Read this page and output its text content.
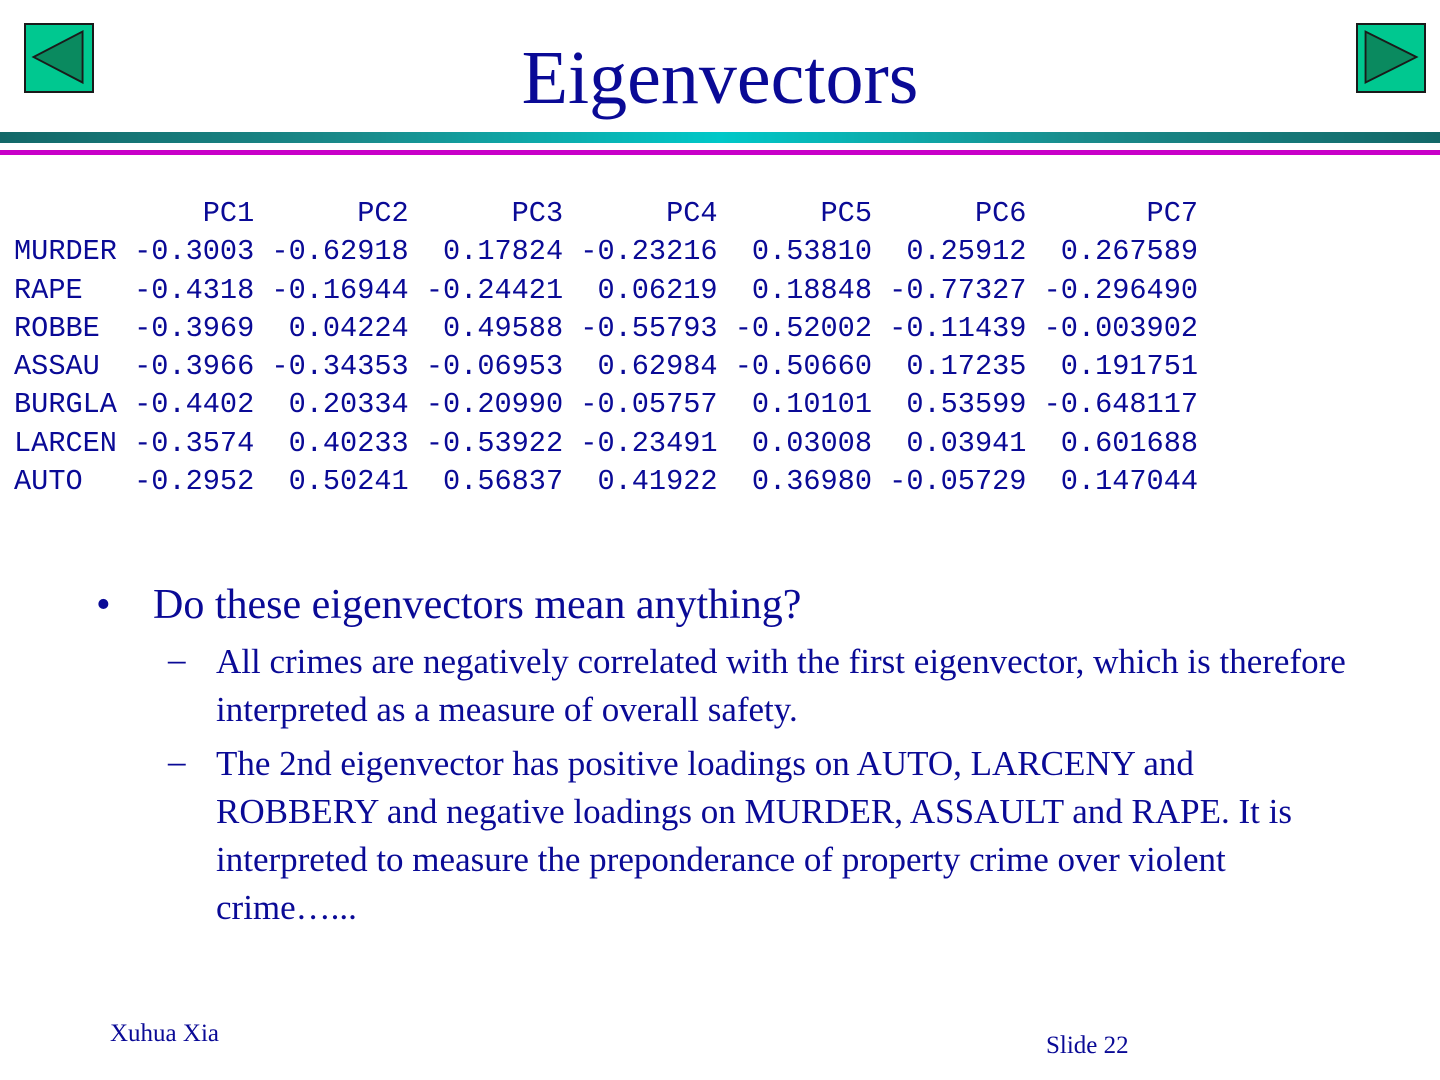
Eigenvectors
PC1      PC2      PC3      PC4      PC5      PC6       PC7
MURDER -0.3003 -0.62918  0.17824 -0.23216  0.53810  0.25912  0.267589
RAPE   -0.4318 -0.16944 -0.24421  0.06219  0.18848 -0.77327 -0.296490
ROBBE  -0.3969  0.04224  0.49588 -0.55793 -0.52002 -0.11439 -0.003902
ASSAU  -0.3966 -0.34353 -0.06953  0.62984 -0.50660  0.17235  0.191751
BURGLA -0.4402  0.20334 -0.20990 -0.05757  0.10101  0.53599 -0.648117
LARCEN -0.3574  0.40233 -0.53922 -0.23491  0.03008  0.03941  0.601688
AUTO   -0.2952  0.50241  0.56837  0.41922  0.36980 -0.05729  0.147044
•	Do these eigenvectors mean anything?
– All crimes are negatively correlated with the first eigenvector, which is therefore interpreted as a measure of overall safety.
– The 2nd eigenvector has positive loadings on AUTO, LARCENY and ROBBERY and negative loadings on MURDER, ASSAULT and RAPE. It is interpreted to measure the preponderance of property crime over violent crime…...
Xuhua Xia	Slide 22
